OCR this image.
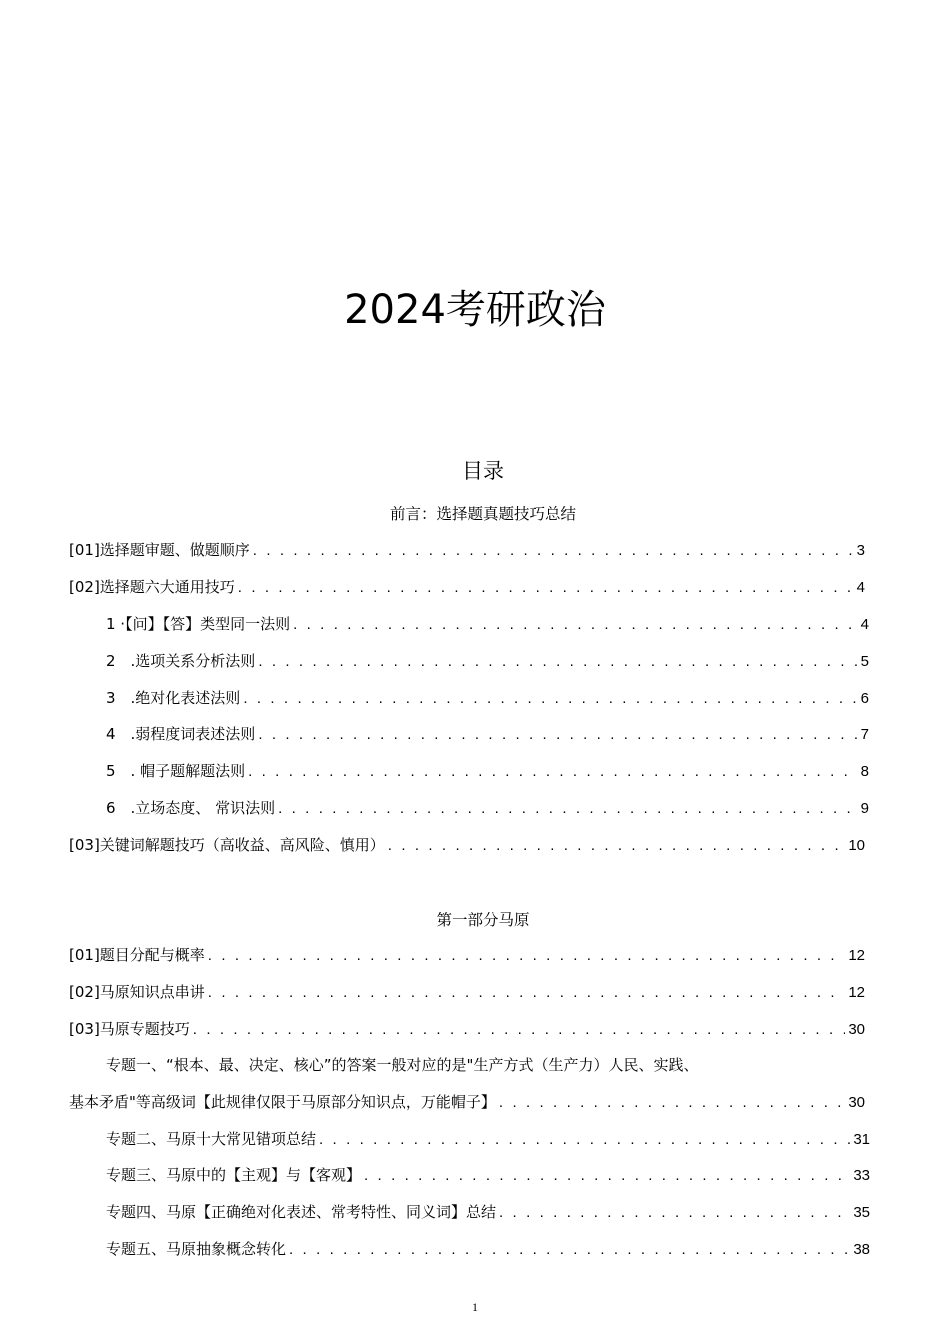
2024考研政治
目录
前言：选择题真题技巧总结
[01]选择题审题、做题顺序 . . .	3
[02]选择题六大通用技巧 . . .	4
1 ·【问】【答】类型同一法则 . . .	4
2　.选项关系分析法则 . . .	5
3　.绝对化表述法则 . . .	6
4　.弱程度词表述法则 . . .	7
5　. 帽子题解题法则 . . .	8
6　.立场态度、 常识法则 . . .	9
[03]关键词解题技巧（高收益、高风险、慎用） . . .	10
第一部分马原
[01]题目分配与概率 . . .	12
[02]马原知识点串讲 . . .	12
[03]马原专题技巧 . . .	30
专题一、“根本、最、决定、核心”的答案一般对应的是"生产方式（生产力）人民、实践、
基本矛盾"等高级词【此规律仅限于马原部分知识点，万能帽子】 . . .	30
专题二、马原十大常见错项总结 . . .	31
专题三、马原中的【主观】与【客观】 . . .	33
专题四、马原【正确绝对化表述、常考特性、同义词】总结 . . .	35
专题五、马原抽象概念转化 . . .	38
1
